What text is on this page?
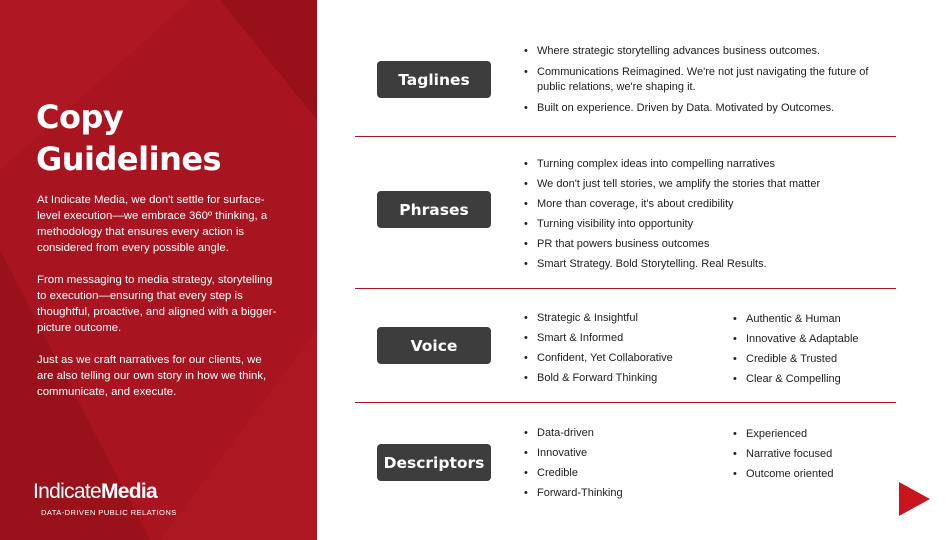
Copy
Guidelines

At Indicate Media, we don't settle for surface-level execution—we embrace 360º thinking, a methodology that ensures every action is considered from every possible angle.

From messaging to media strategy, storytelling to execution—ensuring that every step is thoughtful, proactive, and aligned with a bigger-picture outcome.

Just as we craft narratives for our clients, we are also telling our own story in how we think, communicate, and execute.

IndicateMedia
DATA-DRIVEN PUBLIC RELATIONS
Taglines
• Where strategic storytelling advances business outcomes.
• Communications Reimagined. We're not just navigating the future of public relations, we're shaping it.
• Built on experience. Driven by Data. Motivated by Outcomes.
Phrases
• Turning complex ideas into compelling narratives
• We don't just tell stories, we amplify the stories that matter
• More than coverage, it's about credibility
• Turning visibility into opportunity
• PR that powers business outcomes
• Smart Strategy. Bold Storytelling. Real Results.
Voice
• Strategic & Insightful
• Smart & Informed
• Confident, Yet Collaborative
• Bold & Forward Thinking
• Authentic & Human
• Innovative & Adaptable
• Credible & Trusted
• Clear & Compelling
Descriptors
• Data-driven
• Innovative
• Credible
• Forward-Thinking
• Experienced
• Narrative focused
• Outcome oriented
